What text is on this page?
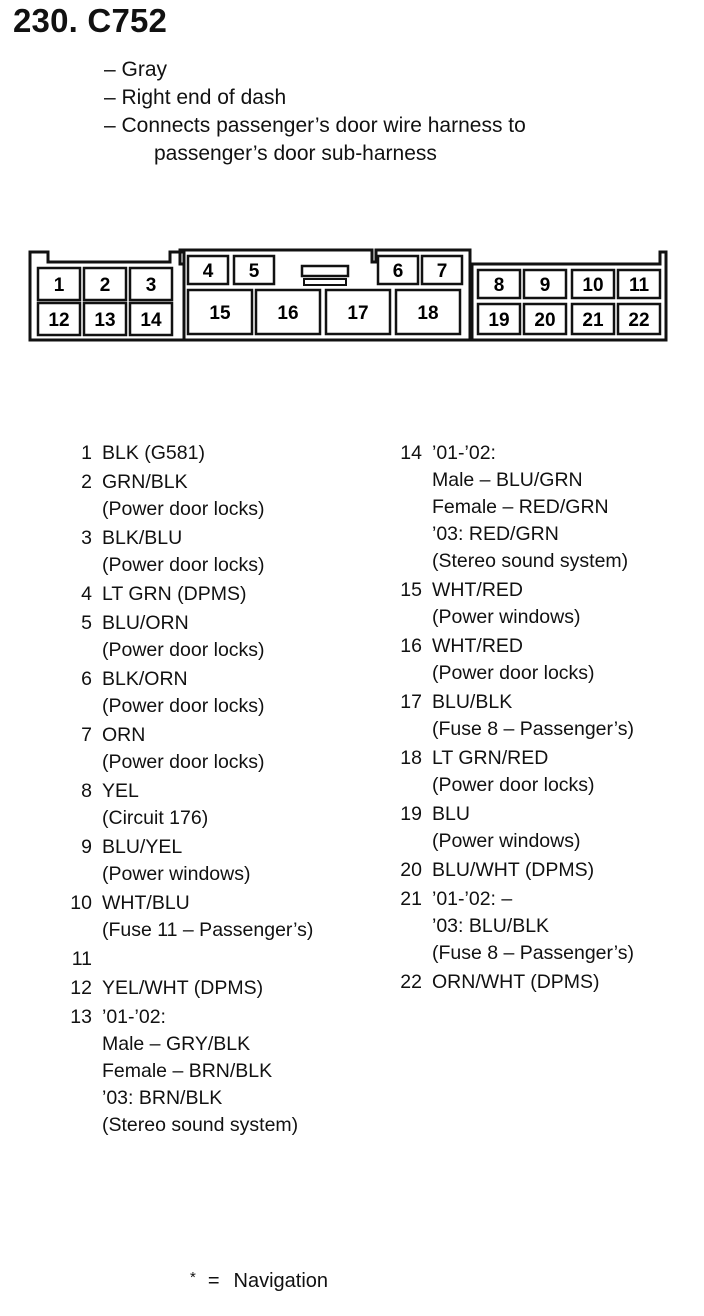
230. C752
– Gray
– Right end of dash
– Connects passenger’s door wire harness to
passenger’s door sub-harness
1 2 3
12 13 14
4 5	6 7
15 16	17	18
8 9 10 11
19 20 21 22
1 BLK (G581)
2 GRN/BLK
(Power door locks)
3 BLK/BLU
(Power door locks)
4 LT GRN (DPMS)
5 BLU/ORN
(Power door locks)
6 BLK/ORN
(Power door locks)
7 ORN
(Power door locks)
8 YEL
(Circuit 176)
9 BLU/YEL
(Power windows)
10 WHT/BLU
(Fuse 11 – Passenger’s)
11

12 YEL/WHT (DPMS)
13 ’01-’02:
Male – GRY/BLK
Female – BRN/BLK
’03: BRN/BLK
(Stereo sound system)
14 ’01-’02:
Male – BLU/GRN
Female – RED/GRN
’03: RED/GRN
(Stereo sound system)
15 WHT/RED
(Power windows)
16 WHT/RED
(Power door locks)
17 BLU/BLK
(Fuse 8 – Passenger’s)
18 LT GRN/RED
(Power door locks)
19 BLU
(Power windows)
20 BLU/WHT (DPMS)
21 ’01-’02: –
’03: BLU/BLK
(Fuse 8 – Passenger’s)
22 ORN/WHT (DPMS)
* = Navigation
